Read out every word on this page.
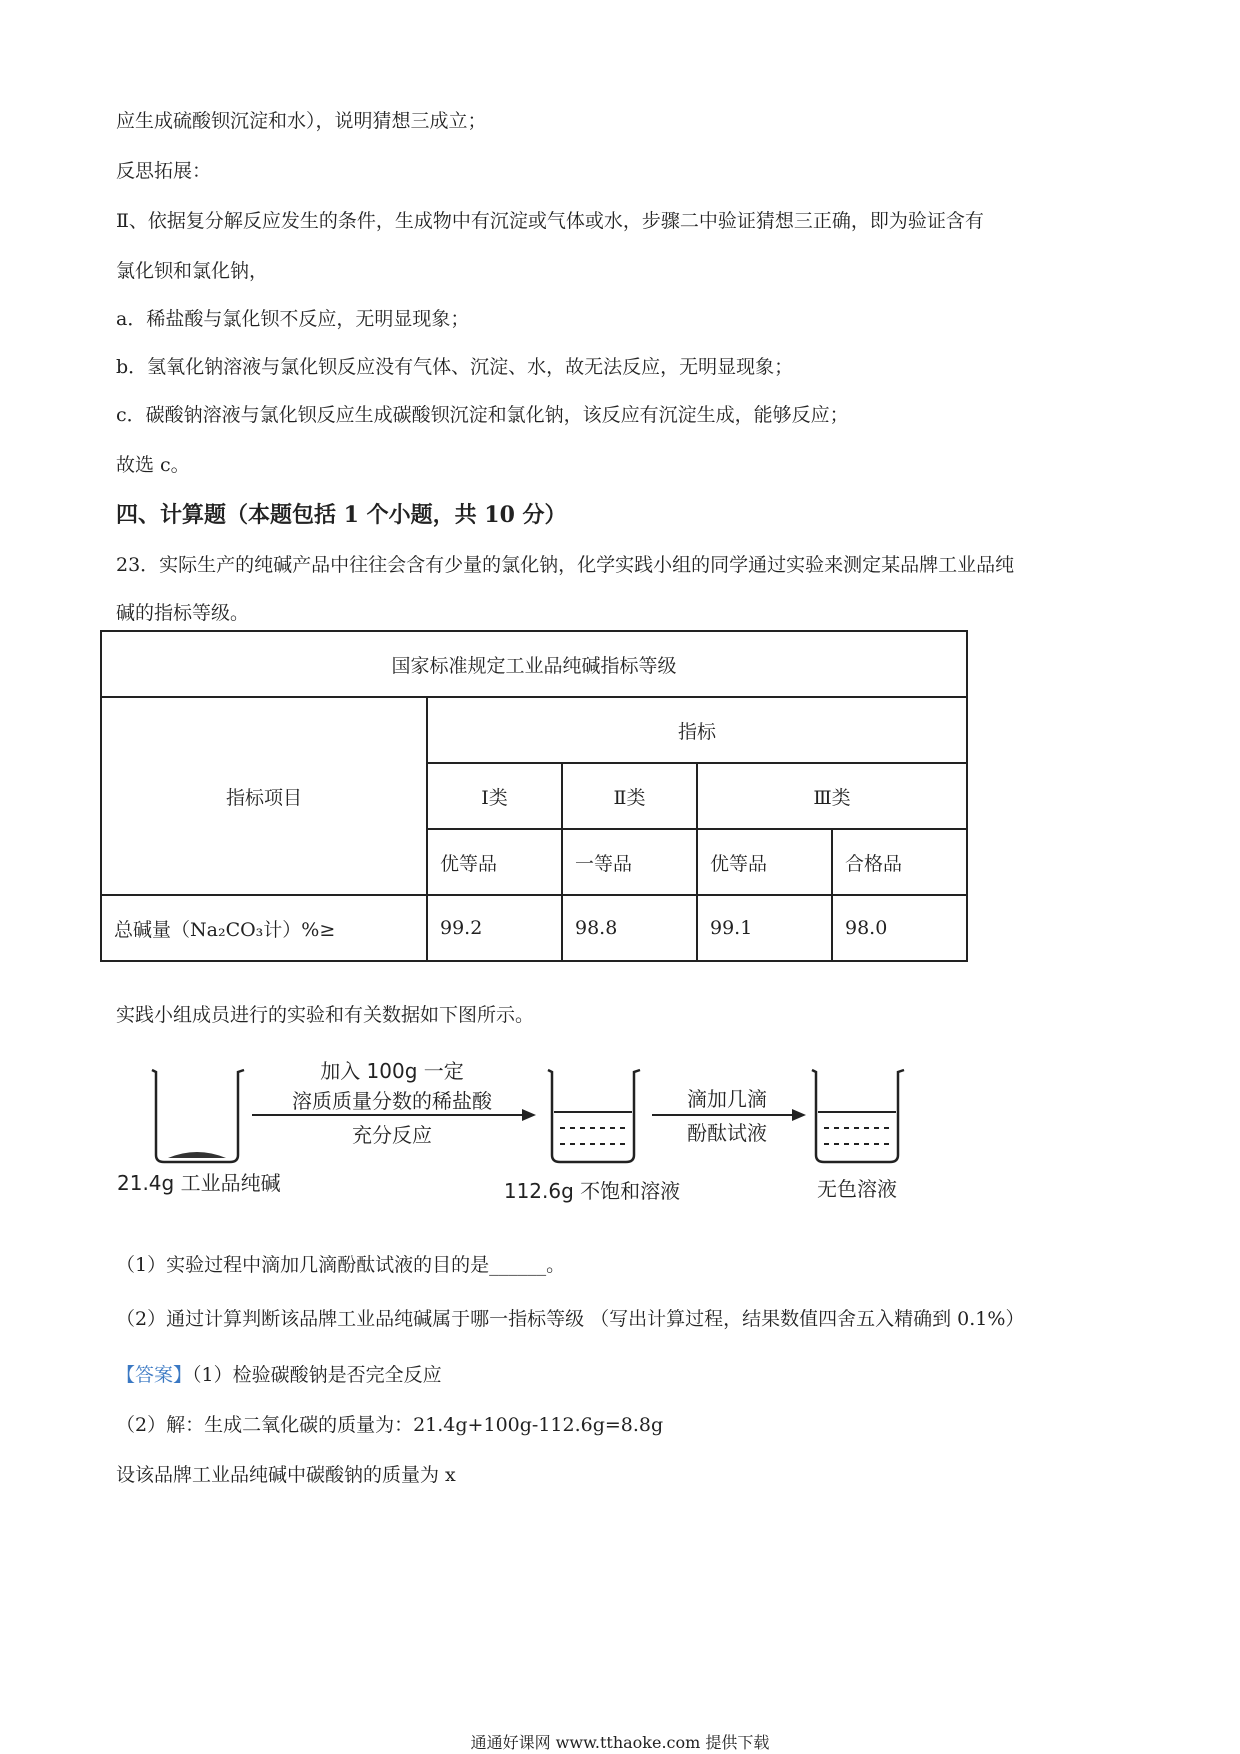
应生成硫酸钡沉淀和水），说明猜想三成立；
反思拓展：
Ⅱ、依据复分解反应发生的条件，生成物中有沉淀或气体或水，步骤二中验证猜想三正确，即为验证含有
氯化钡和氯化钠，
a．稀盐酸与氯化钡不反应，无明显现象；
b．氢氧化钠溶液与氯化钡反应没有气体、沉淀、水，故无法反应，无明显现象；
c．碳酸钠溶液与氯化钡反应生成碳酸钡沉淀和氯化钠，该反应有沉淀生成，能够反应；
故选 c。
四、计算题（本题包括 1 个小题，共 10 分）
23．实际生产的纯碱产品中往往会含有少量的氯化钠，化学实践小组的同学通过实验来测定某品牌工业品纯
碱的指标等级。
国家标准规定工业品纯碱指标等级				
指标项目	指标			
	Ⅰ类	Ⅱ类	Ⅲ类	
	优等品	一等品	优等品	合格品
总碱量（Na₂CO₃计）%≥	99.2	98.8	99.1	98.0
实践小组成员进行的实验和有关数据如下图所示。
加入 100g 一定
溶质质量分数的稀盐酸
充分反应
滴加几滴
酚酞试液
21.4g 工业品纯碱	112.6g 不饱和溶液	无色溶液
（1）实验过程中滴加几滴酚酞试液的目的是______。
（2）通过计算判断该品牌工业品纯碱属于哪一指标等级 （写出计算过程，结果数值四舍五入精确到 0.1%）
【答案】（1）检验碳酸钠是否完全反应
（2）解：生成二氧化碳的质量为：21.4g+100g-112.6g=8.8g
设该品牌工业品纯碱中碳酸钠的质量为 x
通通好课网 www.tthaoke.com 提供下载
